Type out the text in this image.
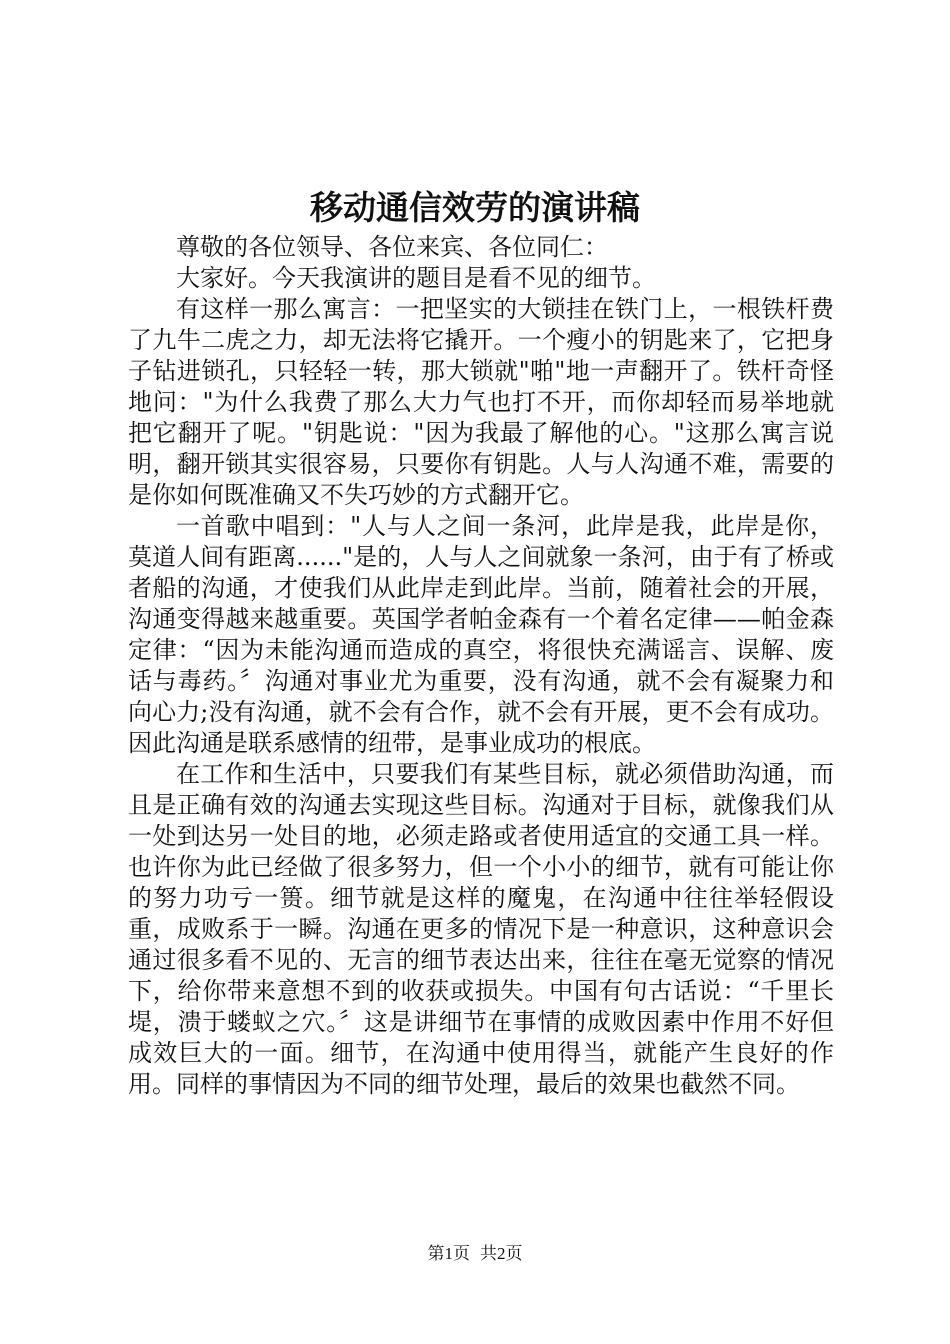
移动通信效劳的演讲稿

尊敬的各位领导、各位来宾、各位同仁：

大家好。今天我演讲的题目是看不见的细节。

有这样一那么寓言：一把坚实的大锁挂在铁门上，一根铁杆费了九牛二虎之力，却无法将它撬开。一个瘦小的钥匙来了，它把身子钻进锁孔，只轻轻一转，那大锁就"啪"地一声翻开了。铁杆奇怪地问："为什么我费了那么大力气也打不开，而你却轻而易举地就把它翻开了呢。"钥匙说："因为我最了解他的心。"这那么寓言说明，翻开锁其实很容易，只要你有钥匙。人与人沟通不难，需要的是你如何既准确又不失巧妙的方式翻开它。

一首歌中唱到："人与人之间一条河，此岸是我，此岸是你，莫道人间有距离......"是的，人与人之间就象一条河，由于有了桥或者船的沟通，才使我们从此岸走到此岸。当前，随着社会的开展，沟通变得越来越重要。英国学者帕金森有一个着名定律——帕金森定律：“因为未能沟通而造成的真空，将很快充满谣言、误解、废话与毒药。〞沟通对事业尤为重要，没有沟通，就不会有凝聚力和向心力;没有沟通，就不会有合作，就不会有开展，更不会有成功。因此沟通是联系感情的纽带，是事业成功的根底。

在工作和生活中，只要我们有某些目标，就必须借助沟通，而且是正确有效的沟通去实现这些目标。沟通对于目标，就像我们从一处到达另一处目的地，必须走路或者使用适宜的交通工具一样。也许你为此已经做了很多努力，但一个小小的细节，就有可能让你的努力功亏一篑。细节就是这样的魔鬼，在沟通中往往举轻假设重，成败系于一瞬。沟通在更多的情况下是一种意识，这种意识会通过很多看不见的、无言的细节表达出来，往往在毫无觉察的情况下，给你带来意想不到的收获或损失。中国有句古话说：“千里长堤，溃于蝼蚁之穴。〞这是讲细节在事情的成败因素中作用不好但成效巨大的一面。细节，在沟通中使用得当，就能产生良好的作用。同样的事情因为不同的细节处理，最后的效果也截然不同。

第1页 共2页
